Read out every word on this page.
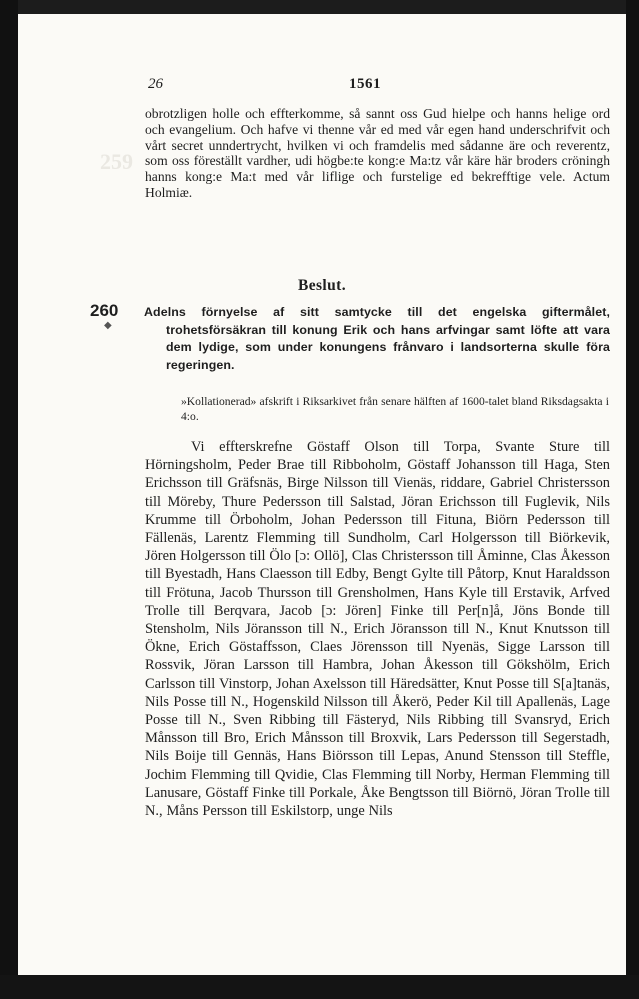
26	1561
259
obrotzligen holle och effterkomme, så sannt oss Gud hielpe och hanns helige ord och evangelium. Och hafve vi thenne vår ed med vår egen hand underschrifvit och vårt secret unndertrycht, hvilken vi och framdelis med sådanne äre och reverentz, som oss föreställt vardher, udi högbe:te kong:e Ma:tz vår käre här broders cröningh hanns kong:e Ma:t med vår liflige och furstelige ed bekrefftige vele. Actum Holmiæ.
Beslut.
260
◆
Adelns förnyelse af sitt samtycke till det engelska giftermålet, trohetsförsäkran till konung Erik och hans arfvingar samt löfte att vara dem lydige, som under konungens frånvaro i landsorterna skulle föra regeringen.
»Kollationerad» afskrift i Riksarkivet från senare hälften af 1600-talet bland Riksdagsakta i 4:o.
Vi effterskrefne Göstaff Olson till Torpa, Svante Sture till Hörningsholm, Peder Brae till Ribboholm, Göstaff Johansson till Haga, Sten Erichsson till Gräfsnäs, Birge Nilsson till Vienäs, riddare, Gabriel Christersson till Möreby, Thure Pedersson till Salstad, Jöran Erichsson till Fuglevik, Nils Krumme till Örboholm, Johan Pedersson till Fituna, Biörn Pedersson till Fällenäs, Larentz Flemming till Sundholm, Carl Holgersson till Biörkevik, Jören Holgersson till Ölo [ɔ: Ollö], Clas Christersson till Åminne, Clas Åkesson till Byestadh, Hans Claesson till Edby, Bengt Gylte till Påtorp, Knut Haraldsson till Frötuna, Jacob Thursson till Grensholmen, Hans Kyle till Erstavik, Arfved Trolle till Berqvara, Jacob [ɔ: Jören] Finke till Per[n]å, Jöns Bonde till Stensholm, Nils Jöransson till N., Erich Jöransson till N., Knut Knutsson till Ökne, Erich Göstaffsson, Claes Jörensson till Nyenäs, Sigge Larsson till Rossvik, Jöran Larsson till Hambra, Johan Åkesson till Gökshölm, Erich Carlsson till Vinstorp, Johan Axelsson till Häredsätter, Knut Posse till S[a]tanäs, Nils Posse till N., Hogenskild Nilsson till Åkerö, Peder Kil till Apallenäs, Lage Posse till N., Sven Ribbing till Fästeryd, Nils Ribbing till Svansryd, Erich Månsson till Bro, Erich Månsson till Broxvik, Lars Pedersson till Segerstadh, Nils Boije till Gennäs, Hans Biörsson till Lepas, Anund Stensson till Steffle, Jochim Flemming till Qvidie, Clas Flemming till Norby, Herman Flemming till Lanusare, Göstaff Finke till Porkale, Åke Bengtsson till Biörnö, Jöran Trolle till N., Måns Persson till Eskilstorp, unge Nils
